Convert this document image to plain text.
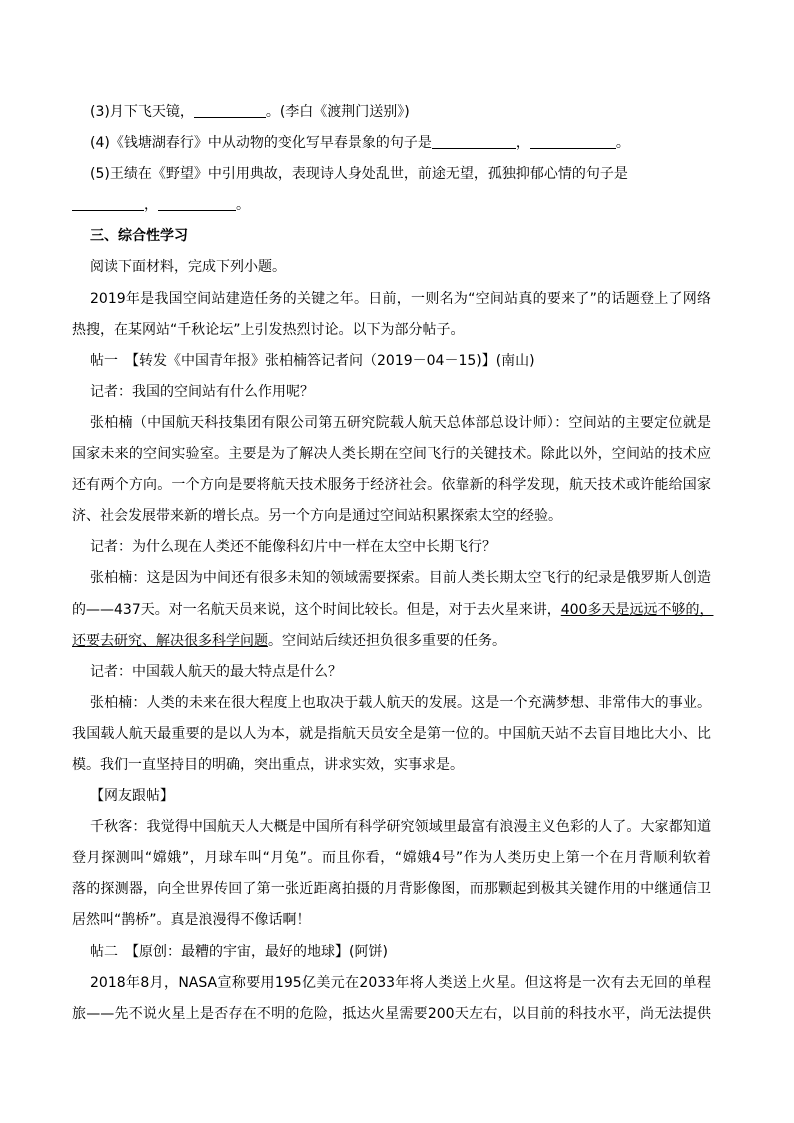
(3)月下飞天镜，	。(李白《渡荆门送别》)
(4)《钱塘湖春行》中从动物的变化写早春景象的句子是	，	。
(5)王绩在《野望》中引用典故，表现诗人身处乱世，前途无望，孤独抑郁心情的句子是
，	。
三、综合性学习
阅读下面材料，完成下列小题。
2019年是我国空间站建造任务的关键之年。日前，一则名为“空间站真的要来了”的话题登上了网络
热搜，在某网站“千秋论坛”上引发热烈讨论。以下为部分帖子。
帖一　【转发《中国青年报》张柏楠答记者问（2019－04－15)】(南山)
记者：我国的空间站有什么作用呢？
张柏楠（中国航天科技集团有限公司第五研究院载人航天总体部总设计师）：空间站的主要定位就是
国家未来的空间实验室。主要是为了解决人类长期在空间飞行的关键技术。除此以外，空间站的技术应
还有两个方向。一个方向是要将航天技术服务于经济社会。依靠新的科学发现，航天技术或许能给国家
济、社会发展带来新的增长点。另一个方向是通过空间站积累探索太空的经验。
记者：为什么现在人类还不能像科幻片中一样在太空中长期飞行？
张柏楠：这是因为中间还有很多未知的领域需要探索。目前人类长期太空飞行的纪录是俄罗斯人创造
的——437天。对一名航天员来说，这个时间比较长。但是，对于去火星来讲，400多天是远远不够的，
还要去研究、解决很多科学问题。空间站后续还担负很多重要的任务。
记者：中国载人航天的最大特点是什么？
张柏楠：人类的未来在很大程度上也取决于载人航天的发展。这是一个充满梦想、非常伟大的事业。
我国载人航天最重要的是以人为本，就是指航天员安全是第一位的。中国航天站不去盲目地比大小、比
模。我们一直坚持目的明确，突出重点，讲求实效，实事求是。
【网友跟帖】
千秋客：我觉得中国航天人大概是中国所有科学研究领域里最富有浪漫主义色彩的人了。大家都知道
登月探测叫“嫦娥”，月球车叫“月兔”。而且你看，“嫦娥4号”作为人类历史上第一个在月背顺利软着
落的探测器，向全世界传回了第一张近距离拍摄的月背影像图，而那颗起到极其关键作用的中继通信卫
居然叫“鹊桥”。真是浪漫得不像话啊！
帖二　【原创：最糟的宇宙，最好的地球】(阿饼)
2018年8月，NASA宣称要用195亿美元在2033年将人类送上火星。但这将是一次有去无回的单程
旅——先不说火星上是否存在不明的危险，抵达火星需要200天左右，以目前的科技水平，尚无法提供
